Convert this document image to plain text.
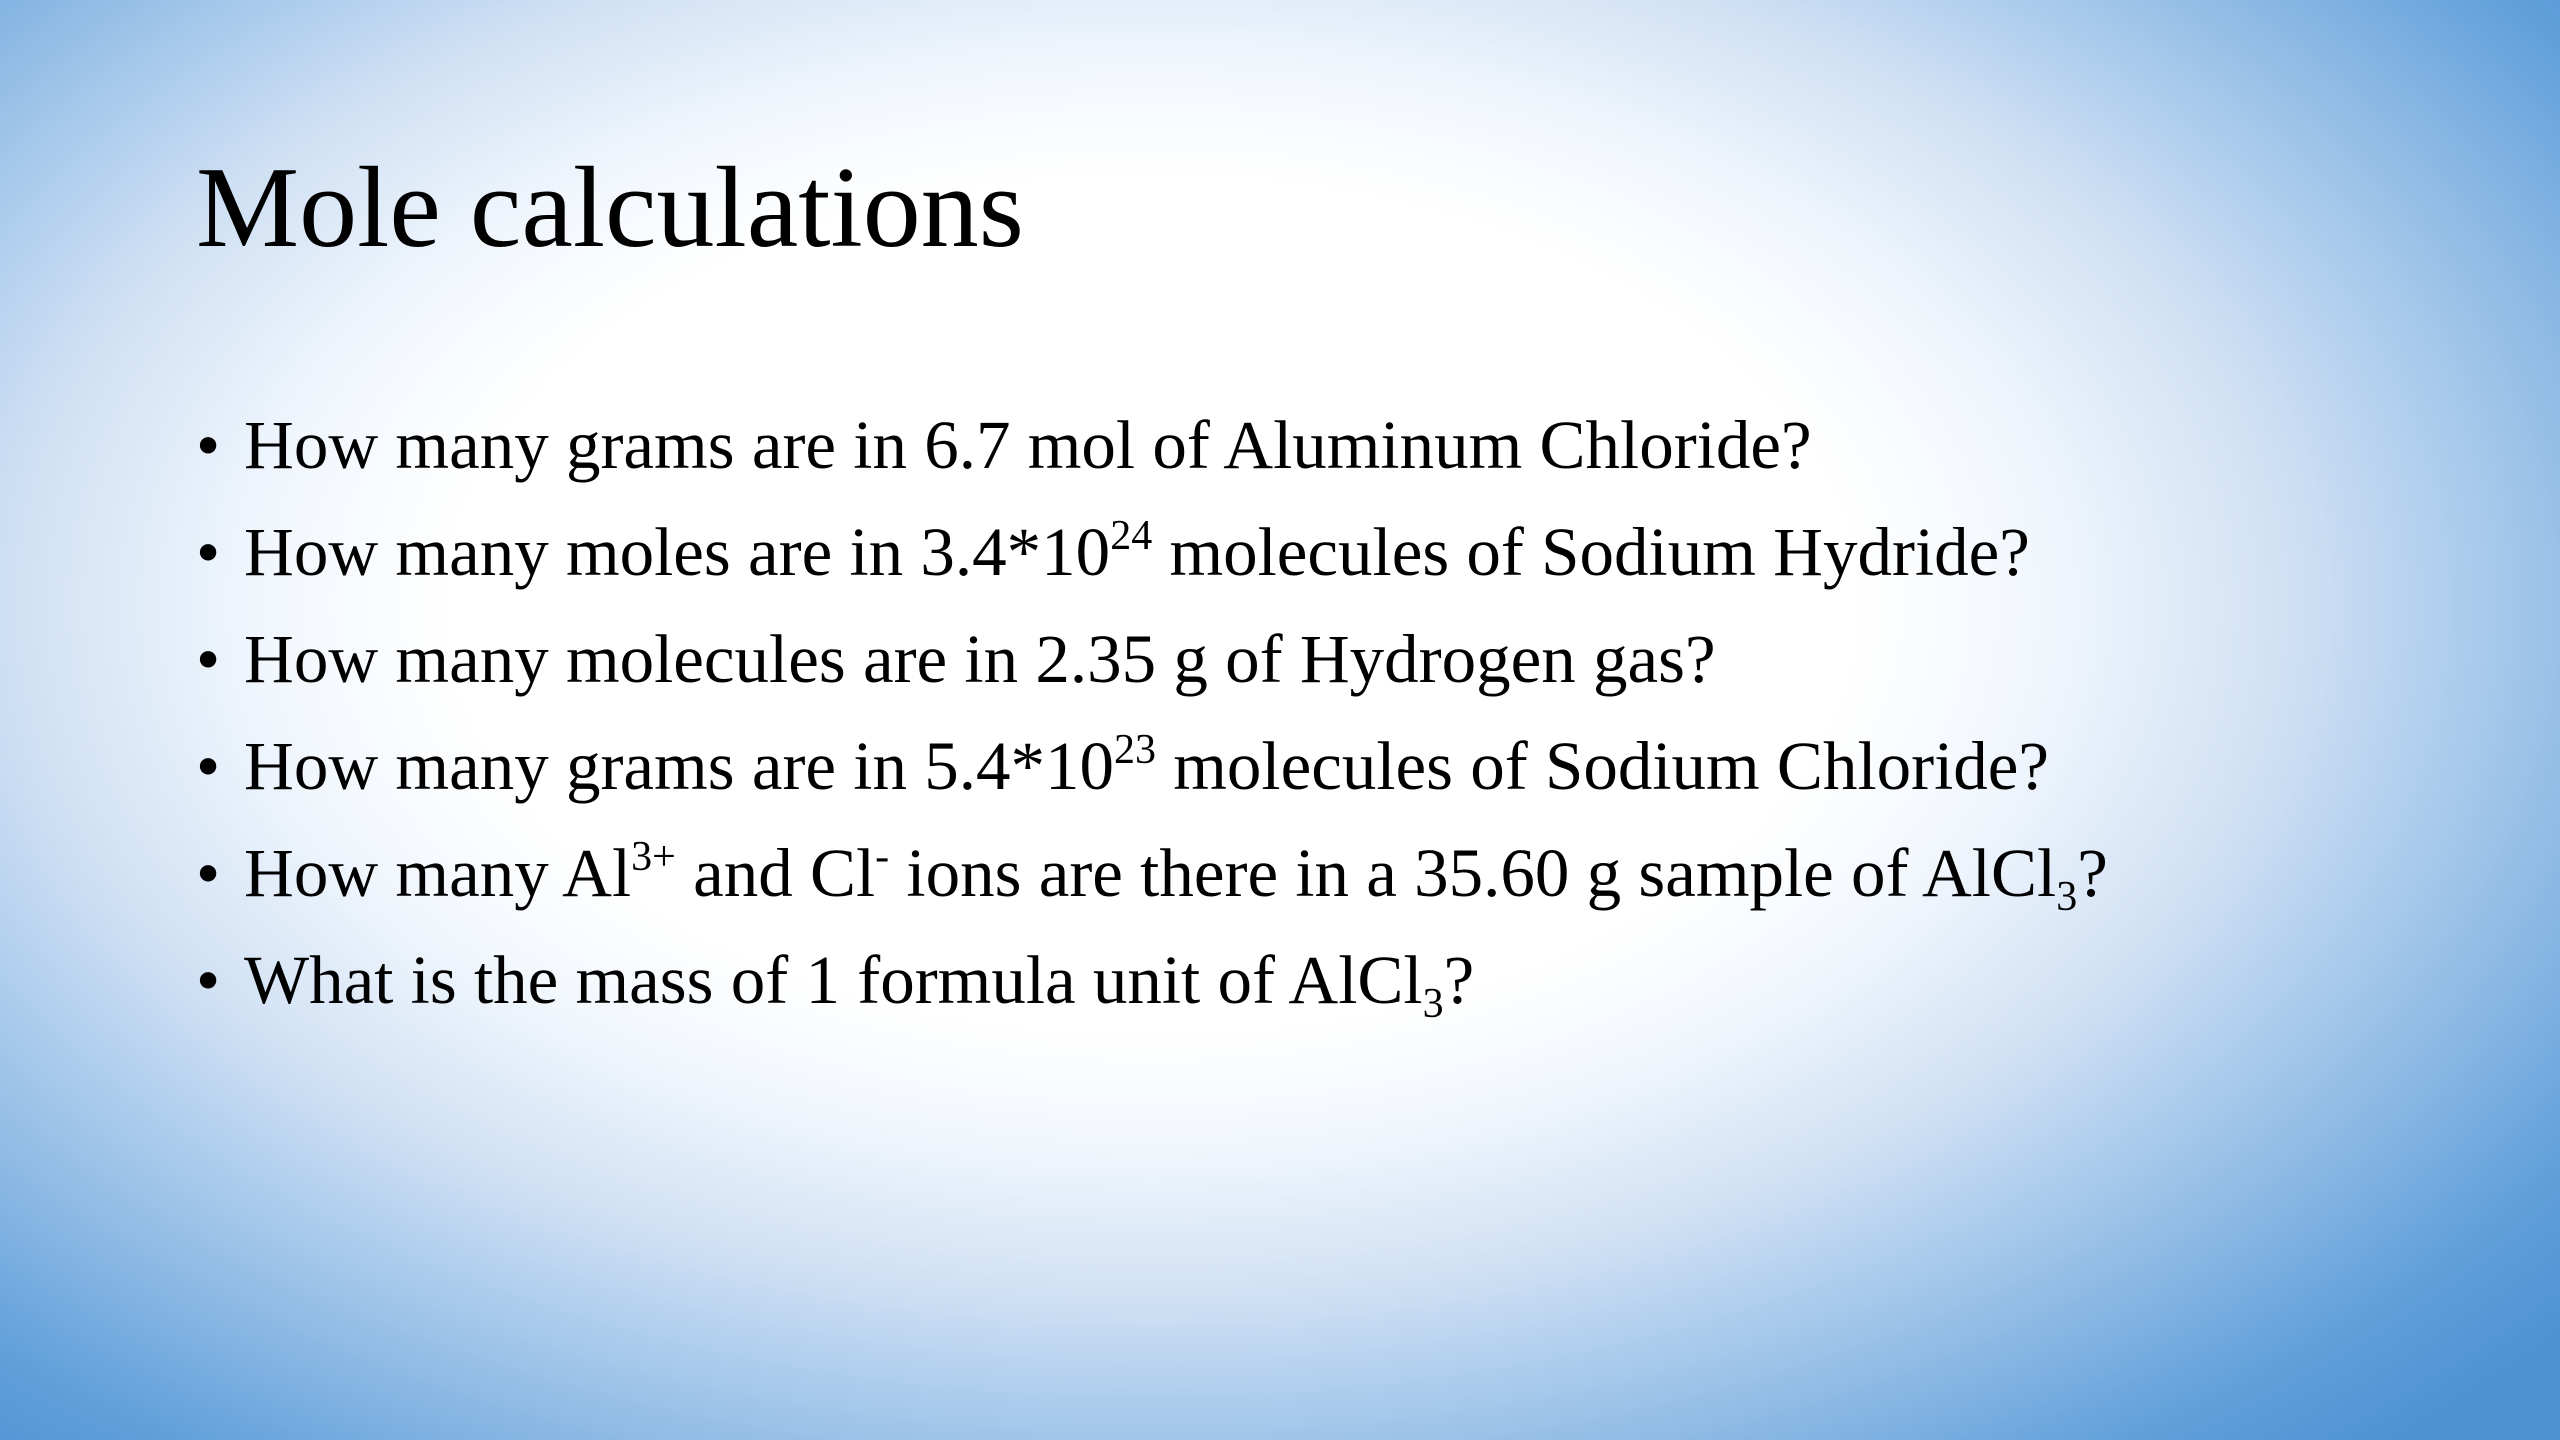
Mole calculations
• How many grams are in 6.7 mol of Aluminum Chloride?
• How many moles are in $3.4*10^{24}$ molecules of Sodium Hydride?
• How many molecules are in 2.35 g of Hydrogen gas?
• How many grams are in $5.4*10^{23}$ molecules of Sodium Chloride?
• How many $Al^{3+}$ and Cl- ions are there in a 35.60 g sample of AlCl$_3$?
• What is the mass of 1 formula unit of AlCl$_3$?
